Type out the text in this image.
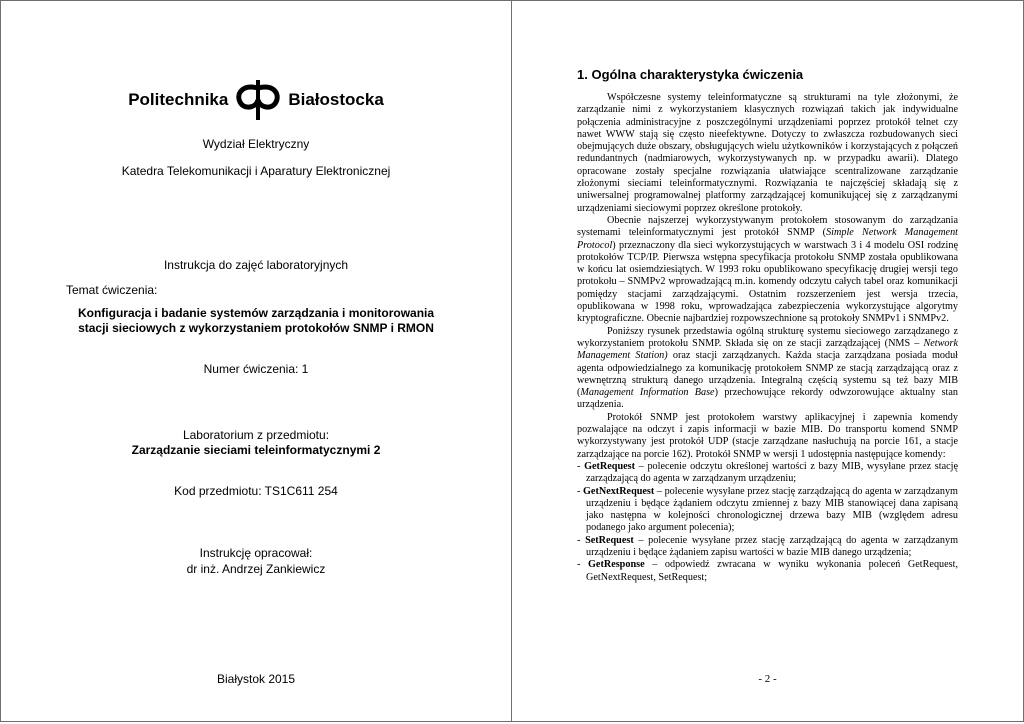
Politechnika	Białostocka
Wydział Elektryczny
Katedra Telekomunikacji i Aparatury Elektronicznej
Instrukcja do zajęć laboratoryjnych
Temat ćwiczenia:
Konfiguracja i badanie systemów zarządzania i monitorowania
stacji sieciowych z wykorzystaniem protokołów SNMP i RMON
Numer ćwiczenia: 1
Laboratorium z przedmiotu:
Zarządzanie sieciami teleinformatycznymi 2
Kod przedmiotu: TS1C611 254
Instrukcję opracował:
dr inż. Andrzej Zankiewicz
Białystok 2015
1. Ogólna charakterystyka ćwiczenia

Współczesne systemy teleinformatyczne są strukturami na tyle złożonymi, że zarządzanie nimi z wykorzystaniem klasycznych rozwiązań takich jak indywidualne połączenia administracyjne z poszczególnymi urządzeniami poprzez protokół telnet czy nawet WWW stają się często nieefektywne. Dotyczy to zwłaszcza rozbudowanych sieci obejmujących duże obszary, obsługujących wielu użytkowników i korzystających z połączeń redundantnych (nadmiarowych, wykorzystywanych np. w przypadku awarii). Dlatego opracowane zostały specjalne rozwiązania ułatwiające scentralizowane zarządzanie złożonymi sieciami teleinformatycznymi. Rozwiązania te najczęściej składają się z uniwersalnej programowalnej platformy zarządzającej komunikującej się z zarządzanymi urządzeniami sieciowymi poprzez określone protokoły.

Obecnie najszerzej wykorzystywanym protokołem stosowanym do zarządzania systemami teleinformatycznymi jest protokół SNMP (Simple Network Management Protocol) przeznaczony dla sieci wykorzystujących w warstwach 3 i 4 modelu OSI rodzinę protokołów TCP/IP. Pierwsza wstępna specyfikacja protokołu SNMP została opublikowana w końcu lat osiemdziesiątych. W 1993 roku opublikowano specyfikację drugiej wersji tego protokołu – SNMPv2 wprowadzającą m.in. komendy odczytu całych tabel oraz komunikacji pomiędzy stacjami zarządzającymi. Ostatnim rozszerzeniem jest wersja trzecia, opublikowana w 1998 roku, wprowadzająca zabezpieczenia wykorzystujące algorytmy kryptograficzne. Obecnie najbardziej rozpowszechnione są protokoły SNMPv1 i SNMPv2.

Poniższy rysunek przedstawia ogólną strukturę systemu sieciowego zarządzanego z wykorzystaniem protokołu SNMP. Składa się on ze stacji zarządzającej (NMS – Network Management Station) oraz stacji zarządzanych. Każda stacja zarządzana posiada moduł agenta odpowiedzialnego za komunikację protokołem SNMP ze stacją zarządzającą oraz z wewnętrzną strukturą danego urządzenia. Integralną częścią systemu są też bazy MIB (Management Information Base) przechowujące rekordy odwzorowujące aktualny stan urządzenia.

Protokół SNMP jest protokołem warstwy aplikacyjnej i zapewnia komendy pozwalające na odczyt i zapis informacji w bazie MIB. Do transportu komend SNMP wykorzystywany jest protokół UDP (stacje zarządzane nasłuchują na porcie 161, a stacje zarządzające na porcie 162). Protokół SNMP w wersji 1 udostępnia następujące komendy:

- GetRequest – polecenie odczytu określonej wartości z bazy MIB, wysyłane przez stację zarządzającą do agenta w zarządzanym urządzeniu;
- GetNextRequest – polecenie wysyłane przez stację zarządzającą do agenta w zarządzanym urządzeniu i będące żądaniem odczytu zmiennej z bazy MIB stanowiącej dana zapisaną jako następna w kolejności chronologicznej drzewa bazy MIB (względem adresu podanego jako argument polecenia);
- SetRequest – polecenie wysyłane przez stację zarządzającą do agenta w zarządzanym urządzeniu i będące żądaniem zapisu wartości w bazie MIB danego urządzenia;
- GetResponse – odpowiedź zwracana w wyniku wykonania poleceń GetRequest, GetNextRequest, SetRequest;
- 2 -
